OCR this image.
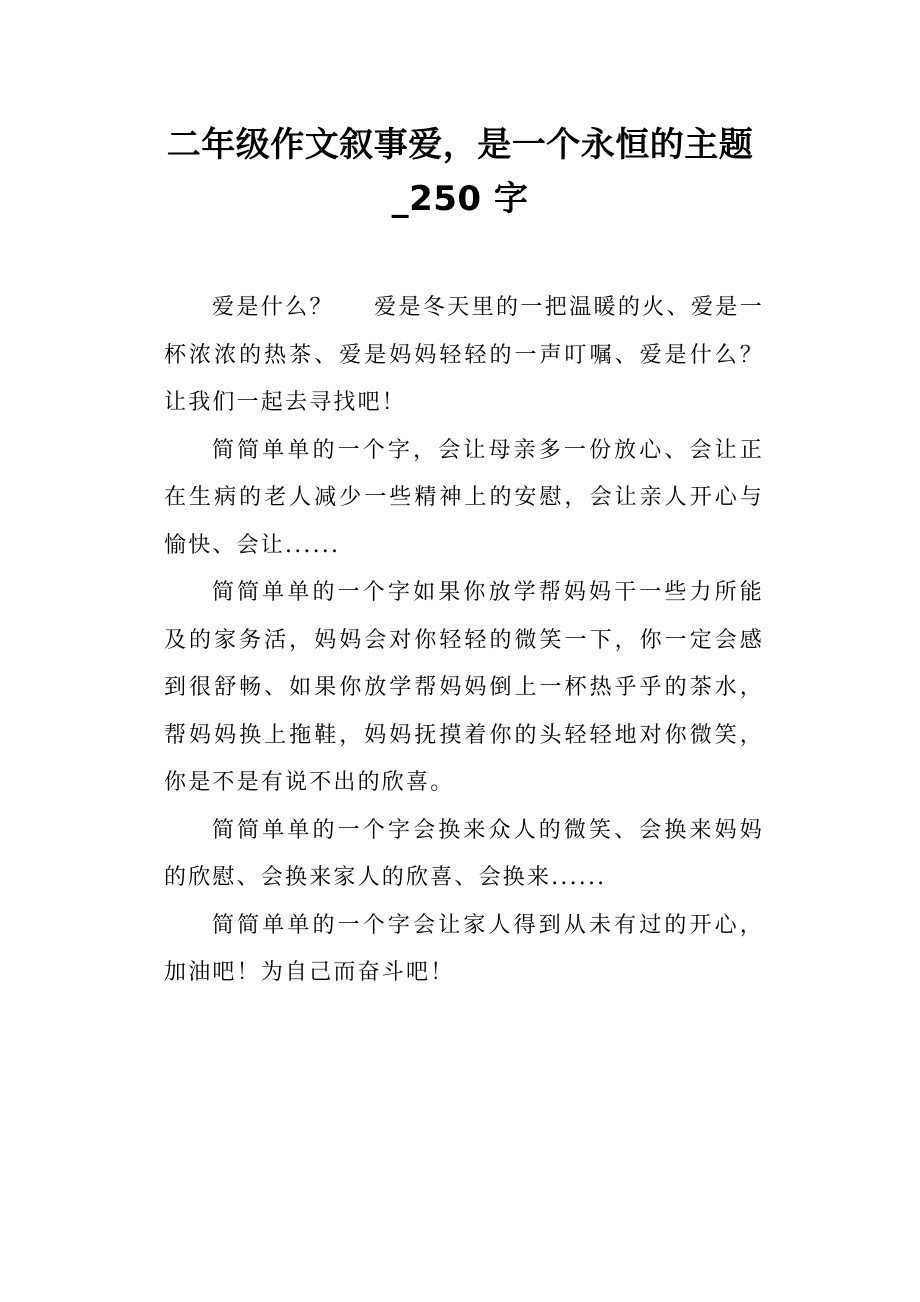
二年级作文叙事爱，是一个永恒的主题
_250 字

爱是什么？ 爱是冬天里的一把温暖的火、爱是一杯浓浓的热茶、爱是妈妈轻轻的一声叮嘱、爱是什么？让我们一起去寻找吧！

简简单单的一个字，会让母亲多一份放心、会让正在生病的老人减少一些精神上的安慰，会让亲人开心与愉快、会让......

简简单单的一个字如果你放学帮妈妈干一些力所能及的家务活，妈妈会对你轻轻的微笑一下，你一定会感到很舒畅、如果你放学帮妈妈倒上一杯热乎乎的茶水，帮妈妈换上拖鞋，妈妈抚摸着你的头轻轻地对你微笑，你是不是有说不出的欣喜。

简简单单的一个字会换来众人的微笑、会换来妈妈的欣慰、会换来家人的欣喜、会换来......

简简单单的一个字会让家人得到从未有过的开心，加油吧！为自己而奋斗吧！
